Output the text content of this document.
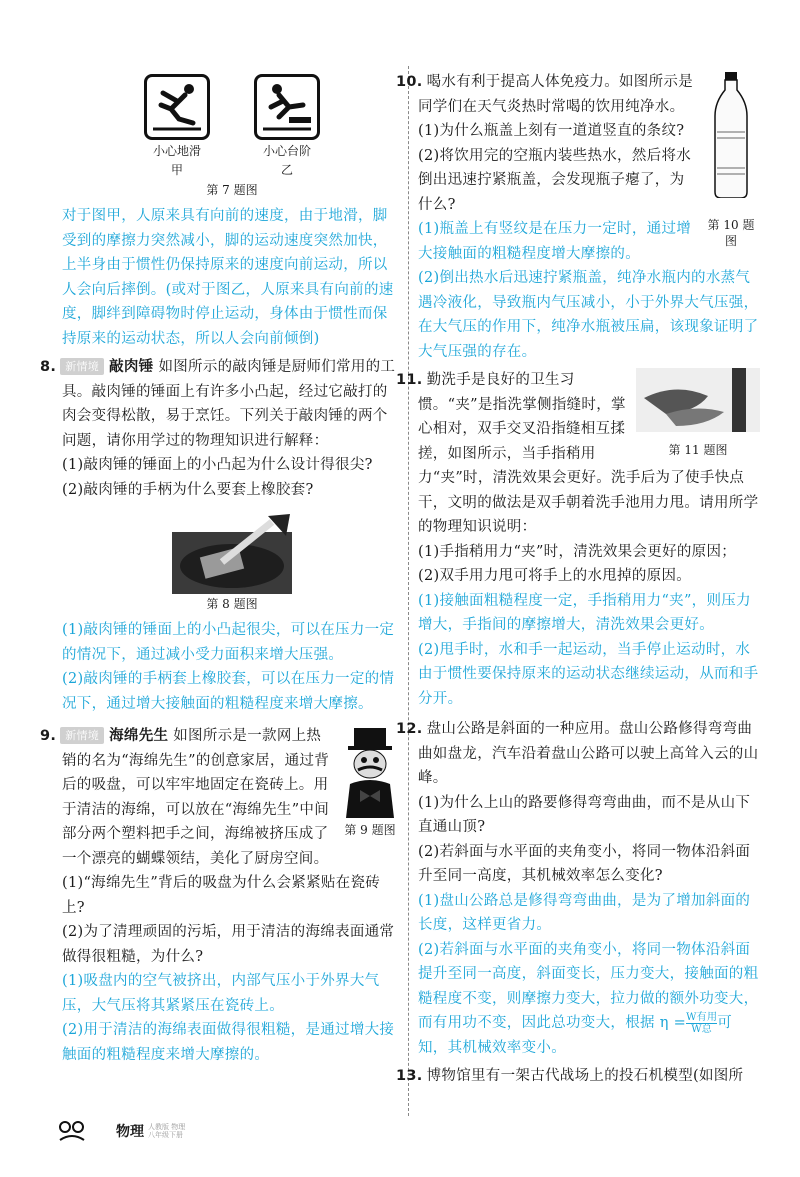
小心地滑
甲
小心台阶
乙
第 7 题图

对于图甲，人原来具有向前的速度，由于地滑，脚受到的摩擦力突然减小，脚的运动速度突然加快，上半身由于惯性仍保持原来的速度向前运动，所以人会向后摔倒。(或对于图乙，人原来具有向前的速度，脚绊到障碍物时停止运动，身体由于惯性而保持原来的运动状态，所以人会向前倾倒)

8. 新情境 敲肉锤 如图所示的敲肉锤是厨师们常用的工具。敲肉锤的锤面上有许多小凸起，经过它敲打的肉会变得松散，易于烹饪。下列关于敲肉锤的两个问题，请你用学过的物理知识进行解释：

(1)敲肉锤的锤面上的小凸起为什么设计得很尖?

(2)敲肉锤的手柄为什么要套上橡胶套?

第 8 题图

(1)敲肉锤的锤面上的小凸起很尖，可以在压力一定的情况下，通过减小受力面积来增大压强。

(2)敲肉锤的手柄套上橡胶套，可以在压力一定的情况下，通过增大接触面的粗糙程度来增大摩擦。

第 9 题图

9. 新情境 海绵先生 如图所示是一款网上热销的名为“海绵先生”的创意家居，通过背后的吸盘，可以牢牢地固定在瓷砖上。用于清洁的海绵，可以放在“海绵先生”中间部分两个塑料把手之间，海绵被挤压成了一个漂亮的蝴蝶领结，美化了厨房空间。

(1)“海绵先生”背后的吸盘为什么会紧紧贴在瓷砖上?

(2)为了清理顽固的污垢，用于清洁的海绵表面通常做得很粗糙，为什么?

(1)吸盘内的空气被挤出，内部气压小于外界大气压，大气压将其紧紧压在瓷砖上。

(2)用于清洁的海绵表面做得很粗糙，是通过增大接触面的粗糙程度来增大摩擦的。

10. 喝水有利于提高人体免疫力。如图所示是同学们在天气炎热时常喝的饮用纯净水。

(1)为什么瓶盖上刻有一道道竖直的条纹?

(2)将饮用完的空瓶内装些热水，然后将水倒出迅速拧紧瓶盖，会发现瓶子瘪了，为什么?

第 10 题图

(1)瓶盖上有竖纹是在压力一定时，通过增大接触面的粗糙程度增大摩擦的。

(2)倒出热水后迅速拧紧瓶盖，纯净水瓶内的水蒸气遇冷液化，导致瓶内气压减小，小于外界大气压强，在大气压的作用下，纯净水瓶被压扁，该现象证明了大气压强的存在。

第 11 题图

11. 勤洗手是良好的卫生习惯。“夹”是指洗掌侧指缝时，掌心相对，双手交叉沿指缝相互揉搓，如图所示，当手指稍用力“夹”时，清洗效果会更好。洗手后为了使手快点干，文明的做法是双手朝着洗手池用力甩。请用所学的物理知识说明：

(1)手指稍用力“夹”时，清洗效果会更好的原因；

(2)双手用力甩可将手上的水甩掉的原因。

(1)接触面粗糙程度一定，手指稍用力“夹”，则压力增大，手指间的摩擦增大，清洗效果会更好。

(2)甩手时，水和手一起运动，当手停止运动时，水由于惯性要保持原来的运动状态继续运动，从而和手分开。

12. 盘山公路是斜面的一种应用。盘山公路修得弯弯曲曲如盘龙，汽车沿着盘山公路可以驶上高耸入云的山峰。

(1)为什么上山的路要修得弯弯曲曲，而不是从山下直通山顶?

(2)若斜面与水平面的夹角变小，将同一物体沿斜面升至同一高度，其机械效率怎么变化?

(1)盘山公路总是修得弯弯曲曲，是为了增加斜面的长度，这样更省力。

(2)若斜面与水平面的夹角变小，将同一物体沿斜面提升至同一高度，斜面变长，压力变大，接触面的粗糙程度不变，则摩擦力变大，拉力做的额外功变大，而有用功不变，因此总功变大，根据 $\eta = \frac{\text{W有用}}{\text{W总}}$ 可知，其机械效率变小。

13. 博物馆里有一架古代战场上的投石机模型(如图所

物理 人教版 物理
八年级下册
